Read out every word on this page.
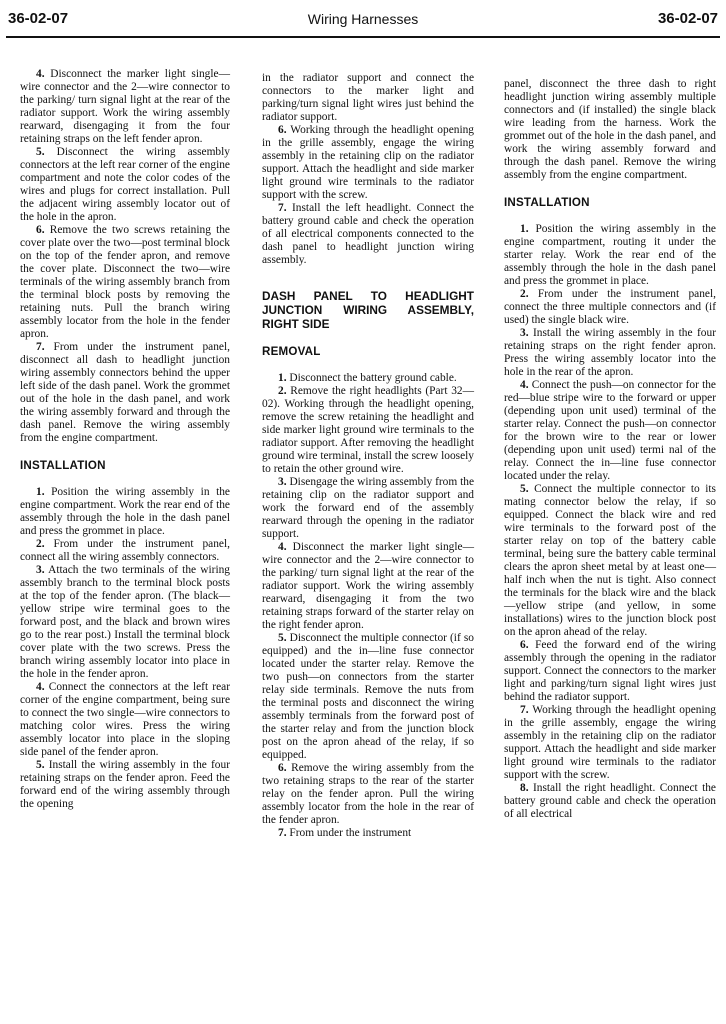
36-02-07	Wiring Harnesses	36-02-07

4. Disconnect the marker light single—wire connector and the 2—wire connector to the parking/ turn signal light at the rear of the radiator support. Work the wiring assembly rearward, disengaging it from the four retaining straps on the left fender apron.

5. Disconnect the wiring assembly connectors at the left rear corner of the engine compartment and note the color codes of the wires and plugs for correct installation. Pull the adjacent wiring assembly locator out of the hole in the apron.

6. Remove the two screws retaining the cover plate over the two—post terminal block on the top of the fender apron, and remove the cover plate. Disconnect the two—wire terminals of the wiring assembly branch from the terminal block posts by removing the retaining nuts. Pull the branch wiring assembly locator from the hole in the fender apron.

7. From under the instrument panel, disconnect all dash to headlight junction wiring assembly connectors behind the upper left side of the dash panel. Work the grommet out of the hole in the dash panel, and work the wiring assembly forward and through the dash panel. Remove the wiring assembly from the engine compartment.

INSTALLATION

1. Position the wiring assembly in the engine compartment. Work the rear end of the assembly through the hole in the dash panel and press the grommet in place.

2. From under the instrument panel, connect all the wiring assembly connectors.

3. Attach the two terminals of the wiring assembly branch to the terminal block posts at the top of the fender apron. (The black—yellow stripe wire terminal goes to the forward post, and the black and brown wires go to the rear post.) Install the terminal block cover plate with the two screws. Press the branch wiring assembly locator into place in the hole in the fender apron.

4. Connect the connectors at the left rear corner of the engine compartment, being sure to connect the two single—wire connectors to matching color wires. Press the wiring assembly locator into place in the sloping side panel of the fender apron.

5. Install the wiring assembly in the four retaining straps on the fender apron. Feed the forward end of the wiring assembly through the opening

in the radiator support and connect the connectors to the marker light and parking/turn signal light wires just behind the radiator support.

6. Working through the headlight opening in the grille assembly, engage the wiring assembly in the retaining clip on the radiator support. Attach the headlight and side marker light ground wire terminals to the radiator support with the screw.

7. Install the left headlight. Connect the battery ground cable and check the operation of all electrical components connected to the dash panel to headlight junction wiring assembly.

DASH PANEL TO HEADLIGHT JUNCTION WIRING ASSEMBLY, RIGHT SIDE
REMOVAL

1. Disconnect the battery ground cable.

2. Remove the right headlights (Part 32—02). Working through the headlight opening, remove the screw retaining the headlight and side marker light ground wire terminals to the radiator support. After removing the headlight ground wire terminal, install the screw loosely to retain the other ground wire.

3. Disengage the wiring assembly from the retaining clip on the radiator support and work the forward end of the assembly rearward through the opening in the radiator support.

4. Disconnect the marker light single—wire connector and the 2—wire connector to the parking/ turn signal light at the rear of the radiator support. Work the wiring assembly rearward, disengaging it from the two retaining straps forward of the starter relay on the right fender apron.

5. Disconnect the multiple connector (if so equipped) and the in—line fuse connector located under the starter relay. Remove the two push—on connectors from the starter relay side terminals. Remove the nuts from the terminal posts and disconnect the wiring assembly terminals from the forward post of the starter relay and from the junction block post on the apron ahead of the relay, if so equipped.

6. Remove the wiring assembly from the two retaining straps to the rear of the starter relay on the fender apron. Pull the wiring assembly locator from the hole in the rear of the fender apron.

7. From under the instrument

panel, disconnect the three dash to right headlight junction wiring assembly multiple connectors and (if installed) the single black wire leading from the harness. Work the grommet out of the hole in the dash panel, and work the wiring assembly forward and through the dash panel. Remove the wiring assembly from the engine compartment.

INSTALLATION

1. Position the wiring assembly in the engine compartment, routing it under the starter relay. Work the rear end of the assembly through the hole in the dash panel and press the grommet in place.

2. From under the instrument panel, connect the three multiple connectors and (if used) the single black wire.

3. Install the wiring assembly in the four retaining straps on the right fender apron. Press the wiring assembly locator into the hole in the rear of the apron.

4. Connect the push—on connector for the red—blue stripe wire to the forward or upper (depending upon unit used) terminal of the starter relay. Connect the push—on connector for the brown wire to the rear or lower (depending upon unit used) termi nal of the relay. Connect the in—line fuse connector located under the relay.

5. Connect the multiple connector to its mating connector below the relay, if so equipped. Connect the black wire and red wire terminals to the forward post of the starter relay on top of the battery cable terminal, being sure the battery cable terminal clears the apron sheet metal by at least one—half inch when the nut is tight. Also connect the terminals for the black wire and the black—yellow stripe (and yellow, in some installations) wires to the junction block post on the apron ahead of the relay.

6. Feed the forward end of the wiring assembly through the opening in the radiator support. Connect the connectors to the marker light and parking/turn signal light wires just behind the radiator support.

7. Working through the headlight opening in the grille assembly, engage the wiring assembly in the retaining clip on the radiator support. Attach the headlight and side marker light ground wire terminals to the radiator support with the screw.

8. Install the right headlight. Connect the battery ground cable and check the operation of all electrical
